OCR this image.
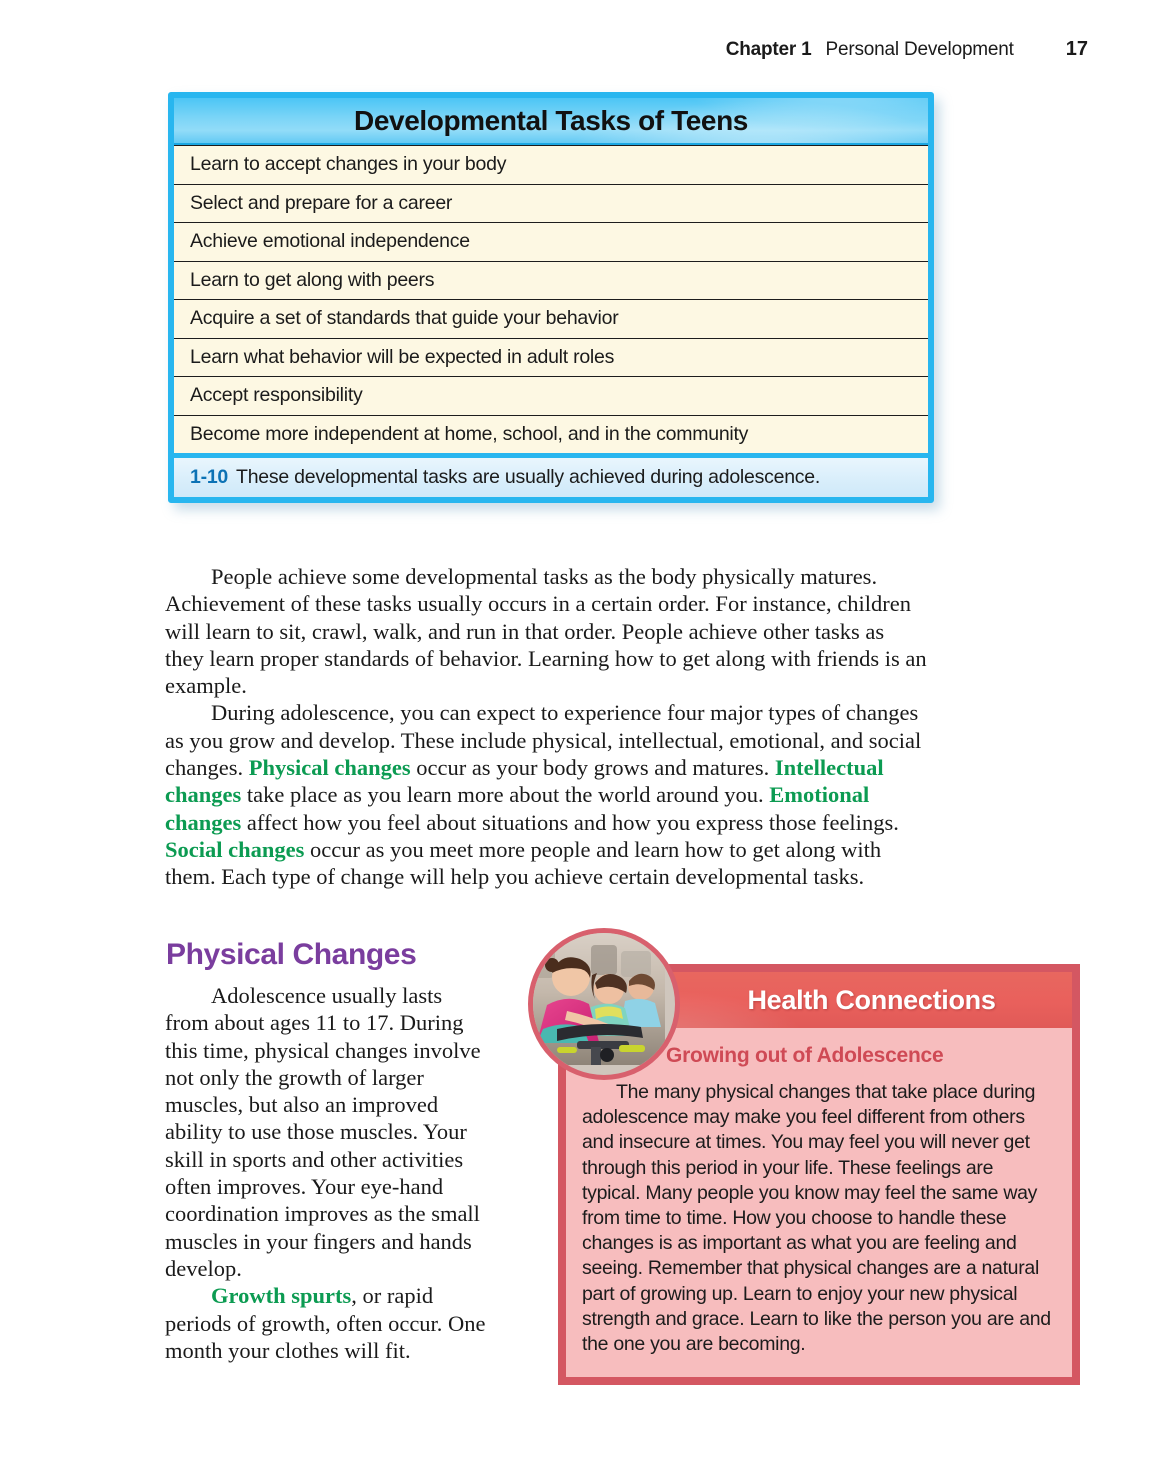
Chapter 1 Personal Development	17
Developmental Tasks of Teens
Learn to accept changes in your body
Select and prepare for a career
Achieve emotional independence
Learn to get along with peers
Acquire a set of standards that guide your behavior
Learn what behavior will be expected in adult roles
Accept responsibility
Become more independent at home, school, and in the community
1-10 These developmental tasks are usually achieved during adolescence.

People achieve some developmental tasks as the body physically matures. Achievement of these tasks usually occurs in a certain order. For instance, children will learn to sit, crawl, walk, and run in that order. People achieve other tasks as they learn proper standards of behavior. Learning how to get along with friends is an example.

During adolescence, you can expect to experience four major types of changes as you grow and develop. These include physical, intellectual, emotional, and social changes. Physical changes occur as your body grows and matures. Intellectual changes take place as you learn more about the world around you. Emotional changes affect how you feel about situations and how you express those feelings. Social changes occur as you meet more people and learn how to get along with them. Each type of change will help you achieve certain developmental tasks.

Physical Changes

Adolescence usually lasts from about ages 11 to 17. During this time, physical changes involve not only the growth of larger muscles, but also an improved ability to use those muscles. Your skill in sports and other activities often improves. Your eye-hand coordination improves as the small muscles in your fingers and hands develop.

Growth spurts, or rapid periods of growth, often occur. One month your clothes will fit.

Health Connections
Growing out of Adolescence
The many physical changes that take place during adolescence may make you feel different from others and insecure at times. You may feel you will never get through this period in your life. These feelings are typical. Many people you know may feel the same way from time to time. How you choose to handle these changes is as important as what you are feeling and seeing. Remember that physical changes are a natural part of growing up. Learn to enjoy your new physical strength and grace. Learn to like the person you are and the one you are becoming.
